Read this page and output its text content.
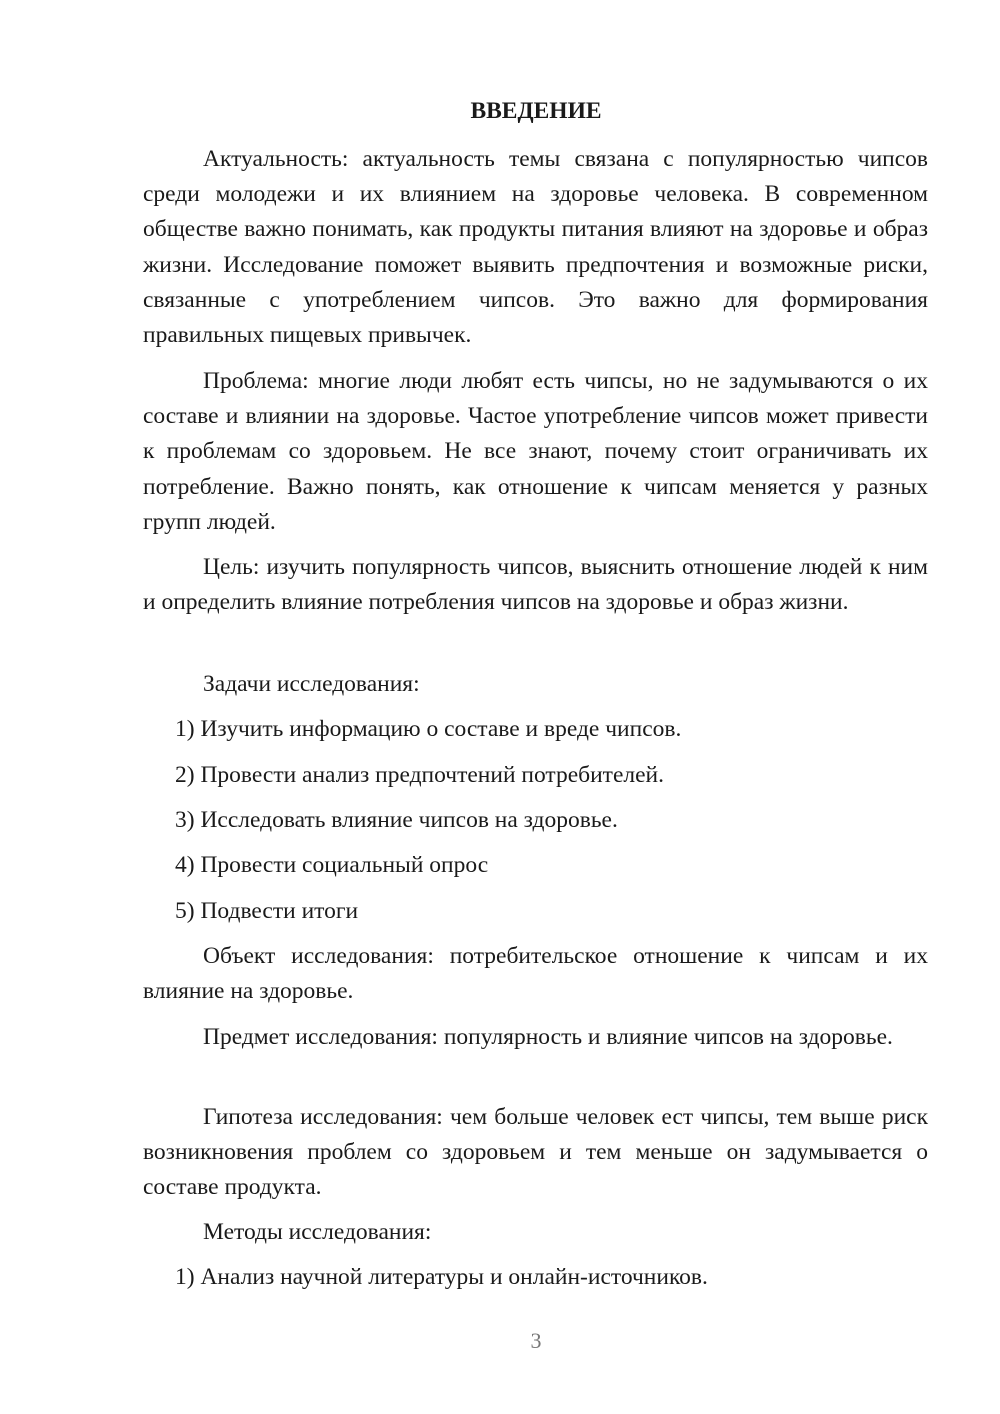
ВВЕДЕНИЕ

Актуальность: актуальность темы связана с популярностью чипсов среди молодежи и их влиянием на здоровье человека. В современном обществе важно понимать, как продукты питания влияют на здоровье и образ жизни. Исследование поможет выявить предпочтения и возможные риски, связанные с употреблением чипсов. Это важно для формирования правильных пищевых привычек.

Проблема: многие люди любят есть чипсы, но не задумываются о их составе и влиянии на здоровье. Частое употребление чипсов может привести к проблемам со здоровьем. Не все знают, почему стоит ограничивать их потребление. Важно понять, как отношение к чипсам меняется у разных групп людей.

Цель: изучить популярность чипсов, выяснить отношение людей к ним и определить влияние потребления чипсов на здоровье и образ жизни.

Задачи исследования:

1) Изучить информацию о составе и вреде чипсов.

2) Провести анализ предпочтений потребителей.

3) Исследовать влияние чипсов на здоровье.

4) Провести социальный опрос

5) Подвести итоги

Объект исследования: потребительское отношение к чипсам и их влияние на здоровье.

Предмет исследования: популярность и влияние чипсов на здоровье.

Гипотеза исследования: чем больше человек ест чипсы, тем выше риск возникновения проблем со здоровьем и тем меньше он задумывается о составе продукта.

Методы исследования:

1) Анализ научной литературы и онлайн-источников.

3
